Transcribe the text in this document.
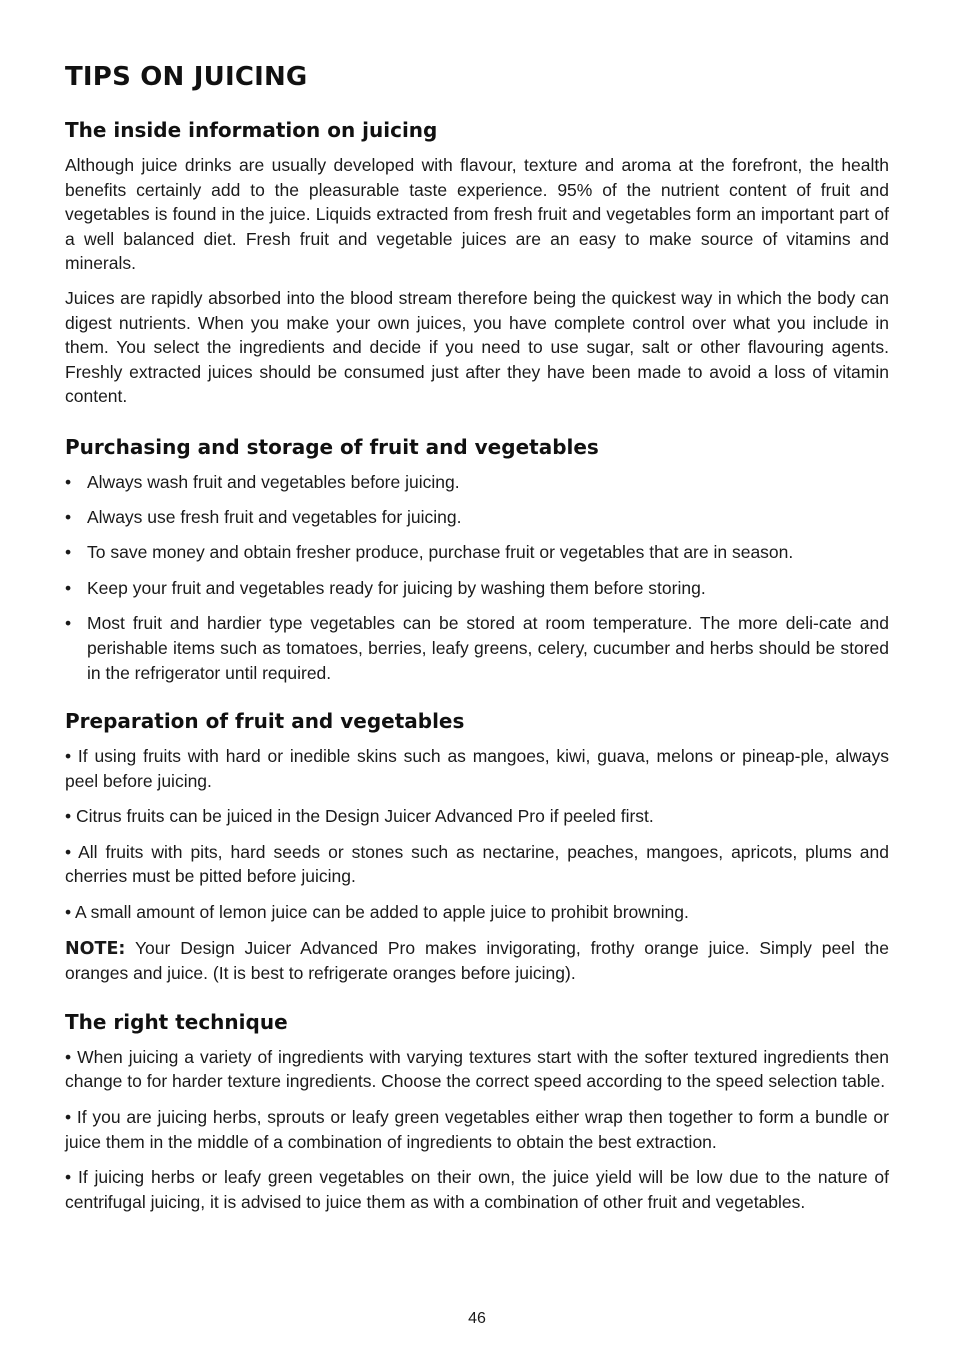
TIPS ON JUICING
The inside information on juicing

Although juice drinks are usually developed with flavour, texture and aroma at the forefront, the health benefits certainly add to the pleasurable taste experience. 95% of the nutrient content of fruit and vegetables is found in the juice. Liquids extracted from fresh fruit and vegetables form an important part of a well balanced diet. Fresh fruit and vegetable juices are an easy to make source of vitamins and minerals.

Juices are rapidly absorbed into the blood stream therefore being the quickest way in which the body can digest nutrients. When you make your own juices, you have complete control over what you include in them. You select the ingredients and decide if you need to use sugar, salt or other flavouring agents. Freshly extracted juices should be consumed just after they have been made to avoid a loss of vitamin content.

Purchasing and storage of fruit and vegetables
• Always wash fruit and vegetables before juicing.
• Always use fresh fruit and vegetables for juicing.
• To save money and obtain fresher produce, purchase fruit or vegetables that are in season.
• Keep your fruit and vegetables ready for juicing by washing them before storing.
• Most fruit and hardier type vegetables can be stored at room temperature. The more deli-cate and perishable items such as tomatoes, berries, leafy greens, celery, cucumber and herbs should be stored in the refrigerator until required.
Preparation of fruit and vegetables

• If using fruits with hard or inedible skins such as mangoes, kiwi, guava, melons or pineap-ple, always peel before juicing.

• Citrus fruits can be juiced in the Design Juicer Advanced Pro if peeled first.

• All fruits with pits, hard seeds or stones such as nectarine, peaches, mangoes, apricots, plums and cherries must be pitted before juicing.

• A small amount of lemon juice can be added to apple juice to prohibit browning.

NOTE: Your Design Juicer Advanced Pro makes invigorating, frothy orange juice. Simply peel the oranges and juice. (It is best to refrigerate oranges before juicing).

The right technique

• When juicing a variety of ingredients with varying textures start with the softer textured ingredients then change to for harder texture ingredients. Choose the correct speed according to the speed selection table.

• If you are juicing herbs, sprouts or leafy green vegetables either wrap then together to form a bundle or juice them in the middle of a combination of ingredients to obtain the best extraction.

• If juicing herbs or leafy green vegetables on their own, the juice yield will be low due to the nature of centrifugal juicing, it is advised to juice them as with a combination of other fruit and vegetables.

46
